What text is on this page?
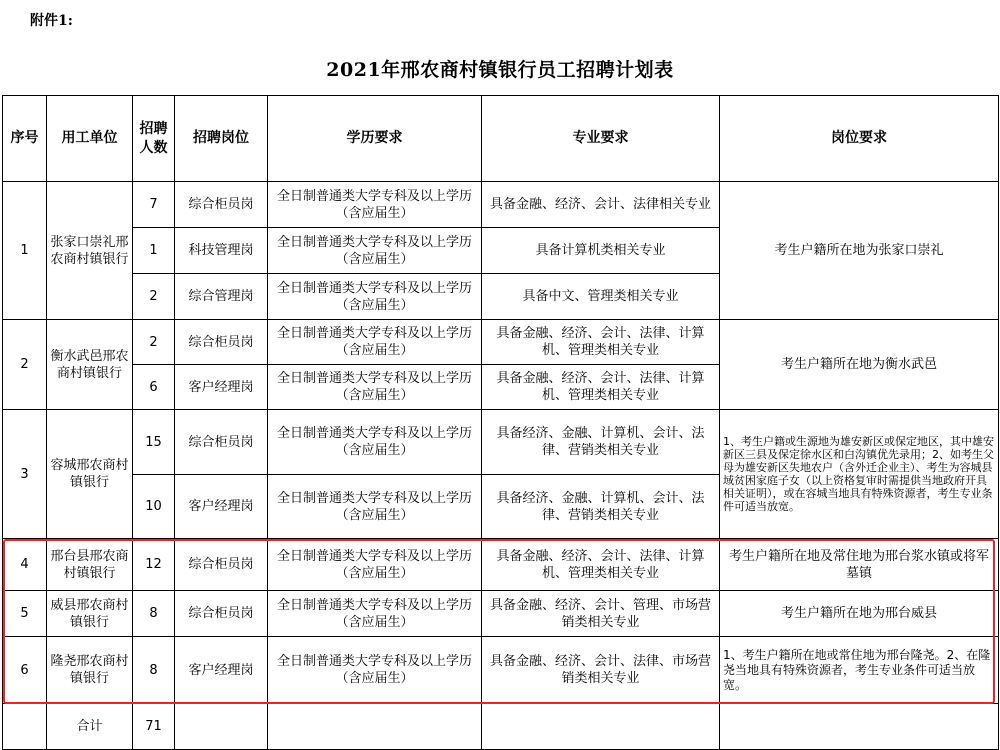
附件1:
2021年邢农商村镇银行员工招聘计划表
序号	用工单位	招聘人数	招聘岗位	学历要求	专业要求	岗位要求
1	张家口崇礼邢农商村镇银行	7	综合柜员岗	全日制普通类大学专科及以上学历（含应届生）	具备金融、经济、会计、法律相关专业	考生户籍所在地为张家口崇礼
		1	科技管理岗	全日制普通类大学专科及以上学历（含应届生）	具备计算机类相关专业	
		2	综合管理岗	全日制普通类大学专科及以上学历（含应届生）	具备中文、管理类相关专业	
2	衡水武邑邢农商村镇银行	2	综合柜员岗	全日制普通类大学专科及以上学历（含应届生）	具备金融、经济、会计、法律、计算机、管理类相关专业	考生户籍所在地为衡水武邑
		6	客户经理岗	全日制普通类大学专科及以上学历（含应届生）	具备金融、经济、会计、法律、计算机、管理类相关专业	
3	容城邢农商村镇银行	15	综合柜员岗	全日制普通类大学专科及以上学历（含应届生）	具备经济、金融、计算机、会计、法律、营销类相关专业	1、考生户籍或生源地为雄安新区或保定地区，其中雄安新区三县及保定徐水区和白沟镇优先录用；2、如考生父母为雄安新区失地农户（含外迁企业主）、考生为容城县域贫困家庭子女（以上资格复审时需提供当地政府开具相关证明），或在容城当地具有特殊资源者，考生专业条件可适当放宽。
		10	客户经理岗	全日制普通类大学专科及以上学历（含应届生）	具备经济、金融、计算机、会计、法律、营销类相关专业	
4	邢台县邢农商村镇银行	12	综合柜员岗	全日制普通类大学专科及以上学历（含应届生）	具备金融、经济、会计、法律、计算机、管理类相关专业	考生户籍所在地及常住地为邢台浆水镇或将军墓镇
5	威县邢农商村镇银行	8	综合柜员岗	全日制普通类大学专科及以上学历（含应届生）	具备金融、经济、会计、管理、市场营销类相关专业	考生户籍所在地为邢台威县
6	隆尧邢农商村镇银行	8	客户经理岗	全日制普通类大学专科及以上学历（含应届生）	具备金融、经济、会计、法律、市场营销类相关专业	1、考生户籍所在地或常住地为邢台隆尧。2、在隆尧当地具有特殊资源者，考生专业条件可适当放宽。
	合计	71				
